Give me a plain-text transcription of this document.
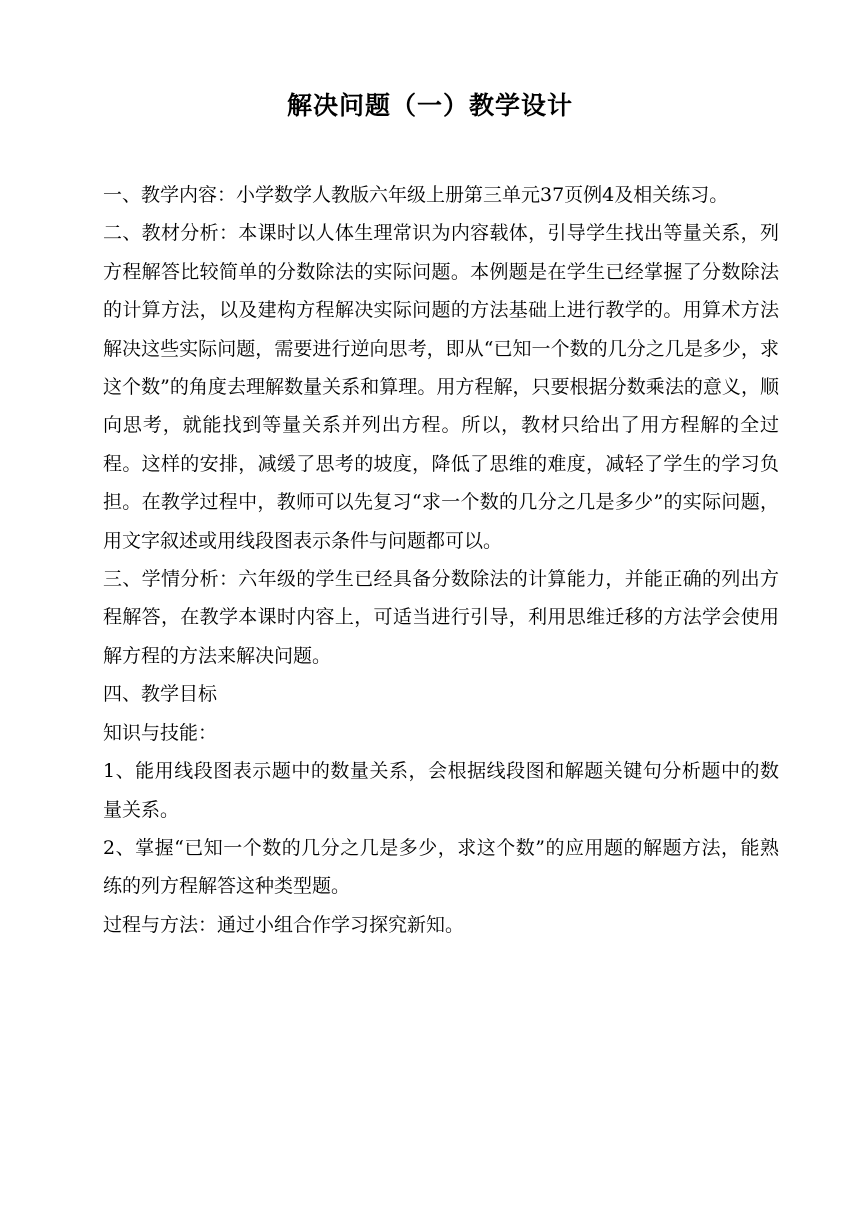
解决问题（一）教学设计

一、教学内容：小学数学人教版六年级上册第三单元37页例4及相关练习。

二、教材分析：本课时以人体生理常识为内容载体，引导学生找出等量关系，列方程解答比较简单的分数除法的实际问题。本例题是在学生已经掌握了分数除法的计算方法，以及建构方程解决实际问题的方法基础上进行教学的。用算术方法解决这些实际问题，需要进行逆向思考，即从“已知一个数的几分之几是多少，求这个数”的角度去理解数量关系和算理。用方程解，只要根据分数乘法的意义，顺向思考，就能找到等量关系并列出方程。所以，教材只给出了用方程解的全过程。这样的安排，减缓了思考的坡度，降低了思维的难度，减轻了学生的学习负担。在教学过程中，教师可以先复习“求一个数的几分之几是多少”的实际问题，用文字叙述或用线段图表示条件与问题都可以。

三、学情分析：六年级的学生已经具备分数除法的计算能力，并能正确的列出方程解答，在教学本课时内容上，可适当进行引导，利用思维迁移的方法学会使用解方程的方法来解决问题。

四、教学目标

知识与技能：

1、能用线段图表示题中的数量关系，会根据线段图和解题关键句分析题中的数量关系。

2、掌握“已知一个数的几分之几是多少，求这个数”的应用题的解题方法，能熟练的列方程解答这种类型题。

过程与方法：通过小组合作学习探究新知。
